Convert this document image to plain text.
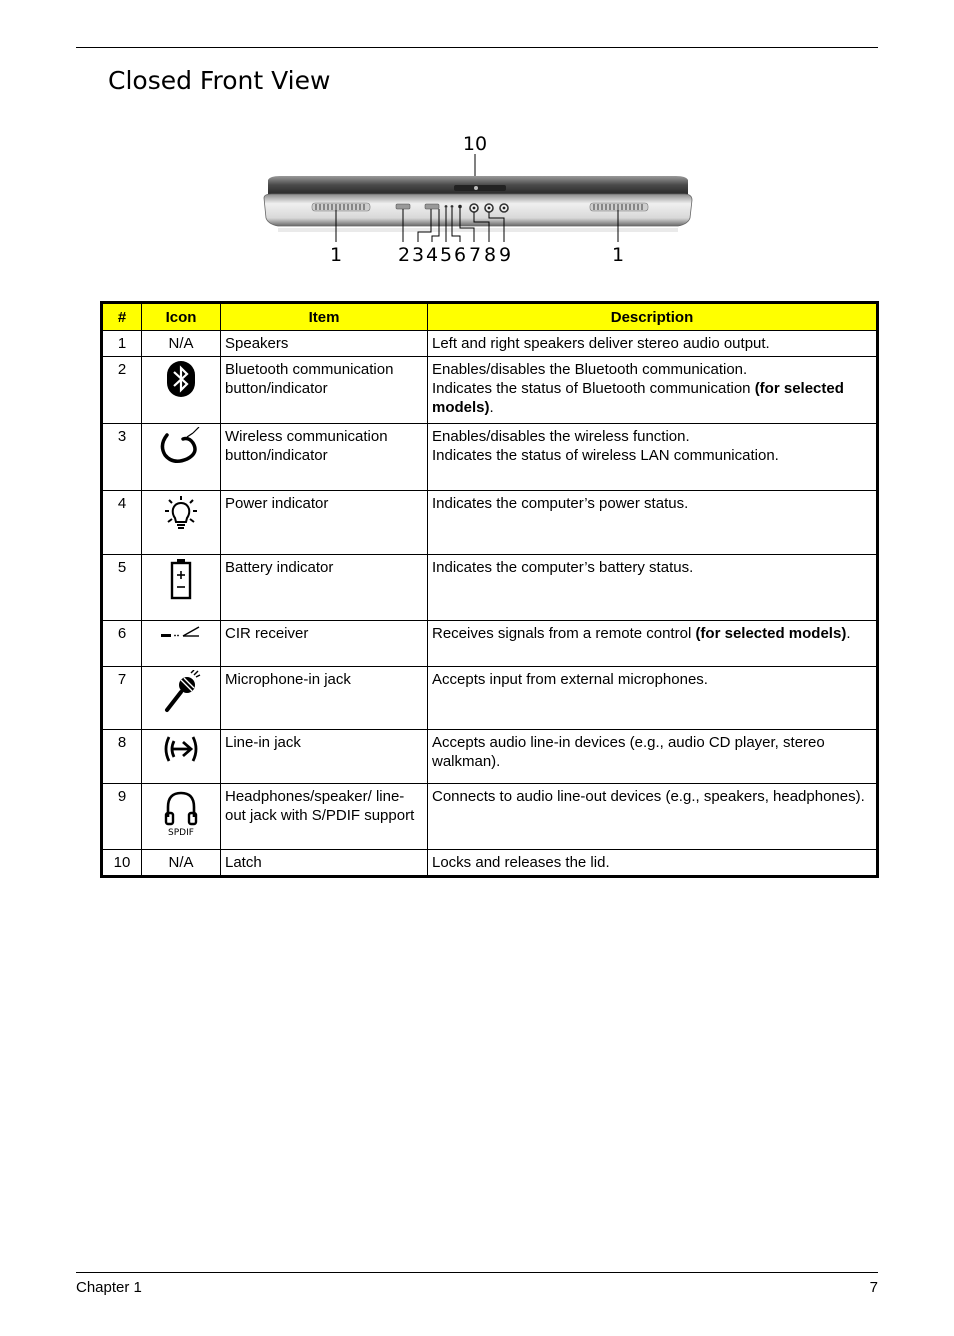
Closed Front View
10
1	2 3 4 5 6 7 8 9	1
#	Icon	Item	Description
1	N/A	Speakers	Left and right speakers deliver stereo audio output.
2		Bluetooth communication button/indicator	Enables/disables the Bluetooth communication.
Indicates the status of Bluetooth communication (for selected models).
3		Wireless communication button/indicator	Enables/disables the wireless function.
Indicates the status of wireless LAN communication.

4		Power indicator	Indicates the computer’s power status.
5		Battery indicator	Indicates the computer’s battery status.
6		CIR receiver	Receives signals from a remote control (for selected models).
7		Microphone-in jack	Accepts input from external microphones.
8		Line-in jack	Accepts audio line-in devices (e.g., audio CD player, stereo walkman).
9	SPDIF	Headphones/speaker/ line-out jack with S/PDIF support	Connects to audio line-out devices (e.g., speakers, headphones).
10	N/A	Latch	Locks and releases the lid.
Chapter 1	7
